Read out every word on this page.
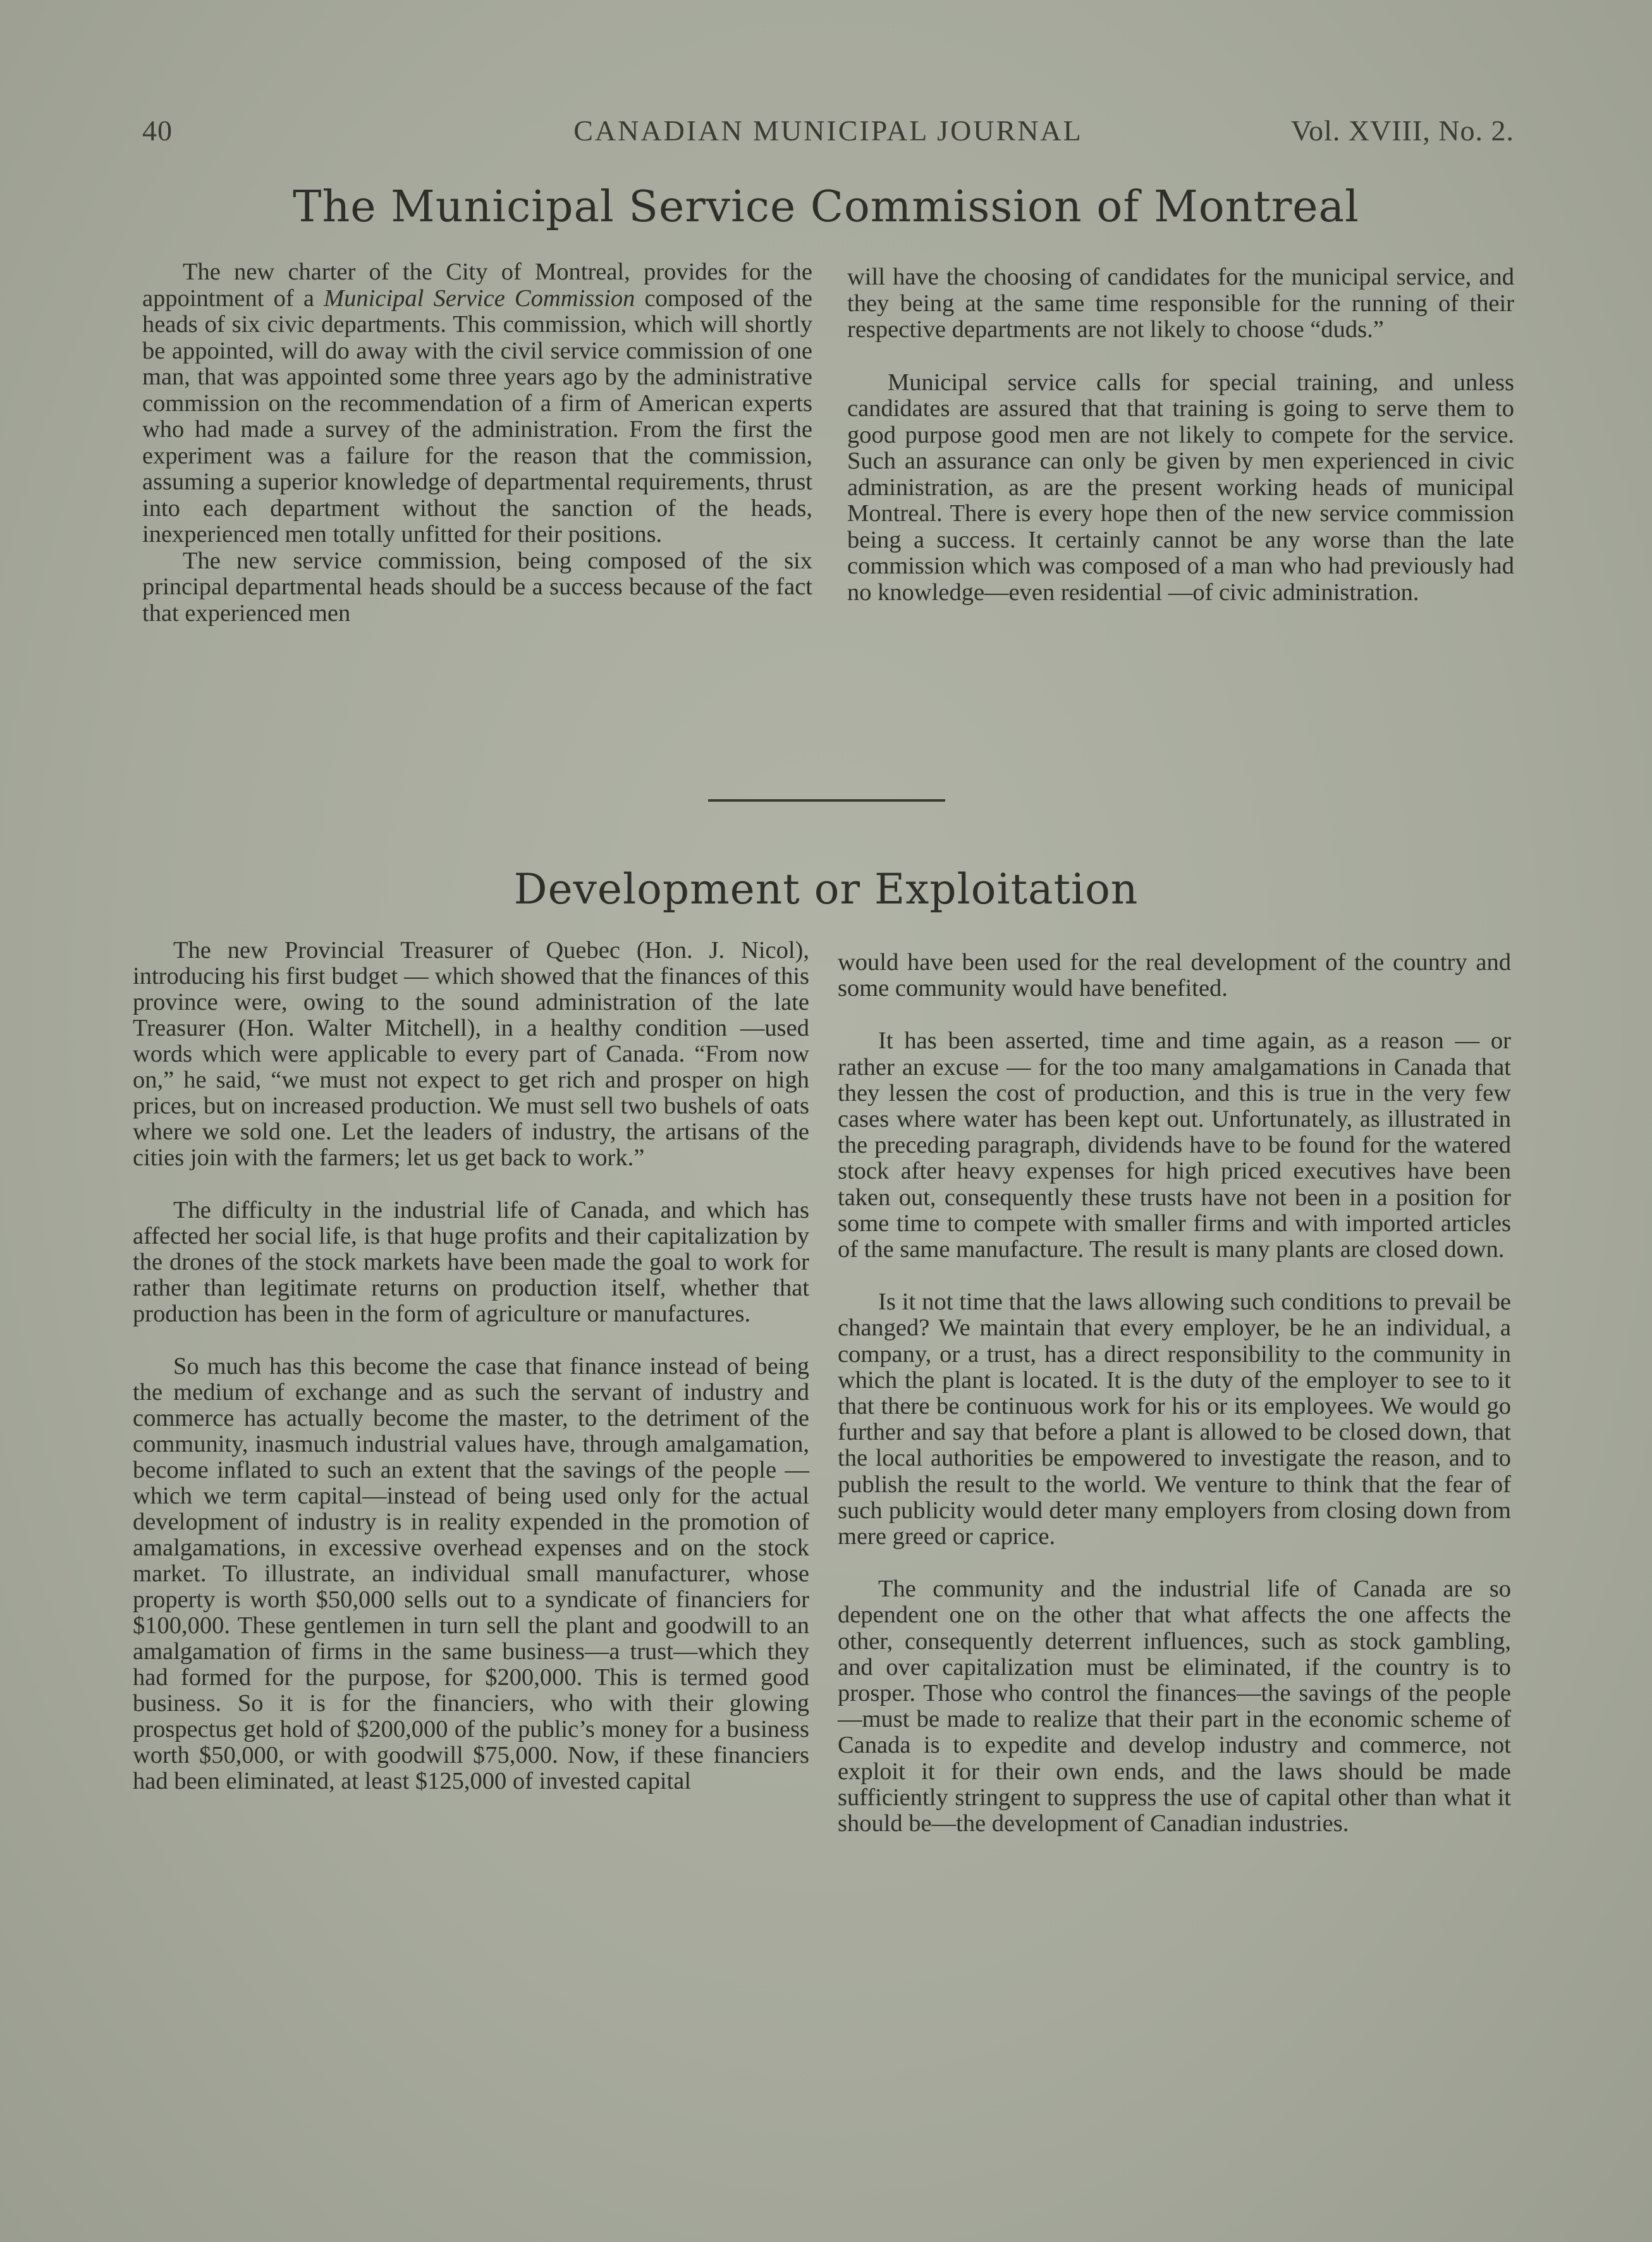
40	CANADIAN MUNICIPAL JOURNAL	Vol. XVIII, No. 2.
The Municipal Service Commission of Montreal

The new charter of the City of Montreal, provides for the appointment of a Municipal Service Commission composed of the heads of six civic departments. This commission, which will shortly be appointed, will do away with the civil service commission of one man, that was appointed some three years ago by the administrative commission on the recommendation of a firm of American experts who had made a survey of the administration. From the first the experiment was a failure for the reason that the commission, assuming a superior knowledge of departmental requirements, thrust into each department without the sanction of the heads, inexperienced men totally unfitted for their positions.

The new service commission, being composed of the six principal departmental heads should be a success because of the fact that experienced men

will have the choosing of candidates for the municipal service, and they being at the same time responsible for the running of their respective departments are not likely to choose “duds.”

Municipal service calls for special training, and unless candidates are assured that that training is going to serve them to good purpose good men are not likely to compete for the service. Such an assurance can only be given by men experienced in civic administration, as are the present working heads of municipal Montreal. There is every hope then of the new service commission being a success. It certainly cannot be any worse than the late commission which was composed of a man who had previously had no knowledge—even residential —of civic administration.

Development or Exploitation

The new Provincial Treasurer of Quebec (Hon. J. Nicol), introducing his first budget — which showed that the finances of this province were, owing to the sound administration of the late Treasurer (Hon. Walter Mitchell), in a healthy condition —used words which were applicable to every part of Canada. “From now on,” he said, “we must not expect to get rich and prosper on high prices, but on increased production. We must sell two bushels of oats where we sold one. Let the leaders of industry, the artisans of the cities join with the farmers; let us get back to work.”

The difficulty in the industrial life of Canada, and which has affected her social life, is that huge profits and their capitalization by the drones of the stock markets have been made the goal to work for rather than legitimate returns on production itself, whether that production has been in the form of agriculture or manufactures.

So much has this become the case that finance instead of being the medium of exchange and as such the servant of industry and commerce has actually become the master, to the detriment of the community, inasmuch industrial values have, through amalgamation, become inflated to such an extent that the savings of the people — which we term capital—instead of being used only for the actual development of industry is in reality expended in the promotion of amalgamations, in excessive overhead expenses and on the stock market. To illustrate, an individual small manufacturer, whose property is worth $50,000 sells out to a syndicate of financiers for $100,000. These gentlemen in turn sell the plant and goodwill to an amalgamation of firms in the same business—a trust—which they had formed for the purpose, for $200,000. This is termed good business. So it is for the financiers, who with their glowing prospectus get hold of $200,000 of the public’s money for a business worth $50,000, or with goodwill $75,000. Now, if these financiers had been eliminated, at least $125,000 of invested capital

would have been used for the real development of the country and some community would have benefited.

It has been asserted, time and time again, as a reason — or rather an excuse — for the too many amalgamations in Canada that they lessen the cost of production, and this is true in the very few cases where water has been kept out. Unfortunately, as illustrated in the preceding paragraph, dividends have to be found for the watered stock after heavy expenses for high priced executives have been taken out, consequently these trusts have not been in a position for some time to compete with smaller firms and with imported articles of the same manufacture. The result is many plants are closed down.

Is it not time that the laws allowing such conditions to prevail be changed? We maintain that every employer, be he an individual, a company, or a trust, has a direct responsibility to the community in which the plant is located. It is the duty of the employer to see to it that there be continuous work for his or its employees. We would go further and say that before a plant is allowed to be closed down, that the local authorities be empowered to investigate the reason, and to publish the result to the world. We venture to think that the fear of such publicity would deter many employers from closing down from mere greed or caprice.

The community and the industrial life of Canada are so dependent one on the other that what affects the one affects the other, consequently deterrent influences, such as stock gambling, and over capitalization must be eliminated, if the country is to prosper. Those who control the finances—the savings of the people—must be made to realize that their part in the economic scheme of Canada is to expedite and develop industry and commerce, not exploit it for their own ends, and the laws should be made sufficiently stringent to suppress the use of capital other than what it should be—the development of Canadian industries.
